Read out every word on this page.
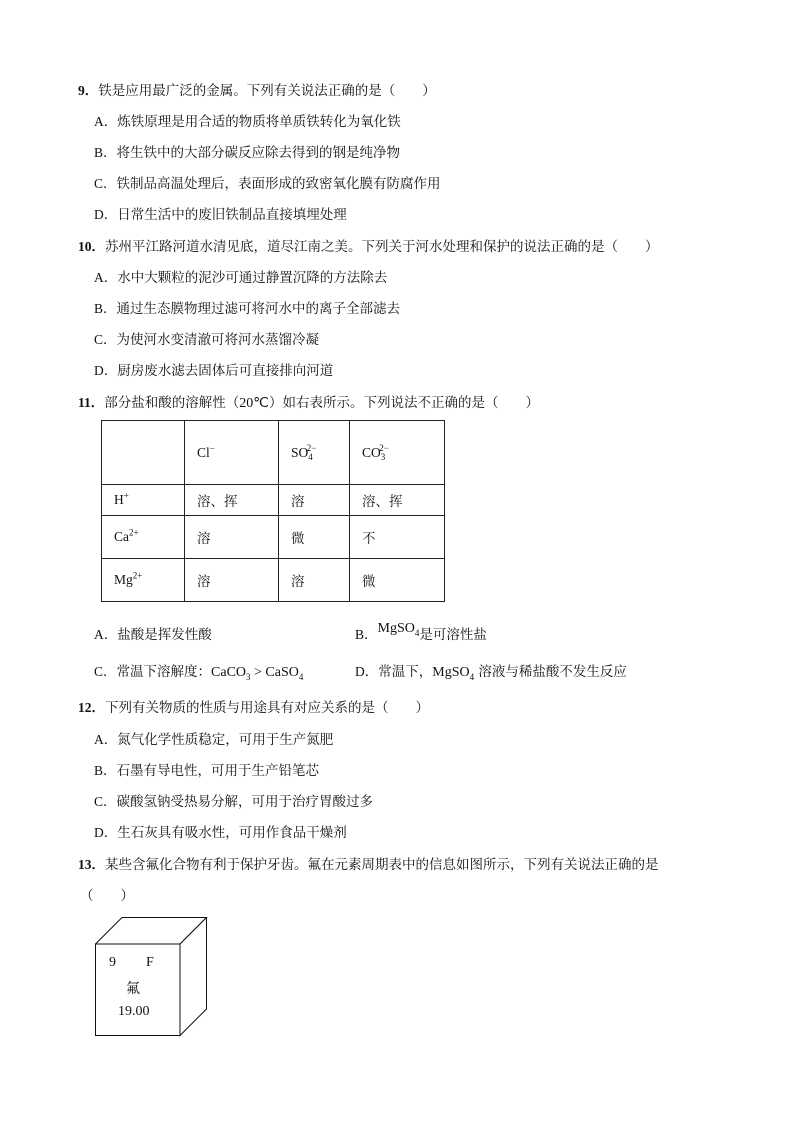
9．铁是应用最广泛的金属。下列有关说法正确的是（　　）
A．炼铁原理是用合适的物质将单质铁转化为氧化铁
B．将生铁中的大部分碳反应除去得到的钢是纯净物
C．铁制品高温处理后，表面形成的致密氧化膜有防腐作用
D．日常生活中的废旧铁制品直接填埋处理
10．苏州平江路河道水清见底，道尽江南之美。下列关于河水处理和保护的说法正确的是（　　）
A．水中大颗粒的泥沙可通过静置沉降的方法除去
B．通过生态膜物理过滤可将河水中的离子全部滤去
C．为使河水变清澈可将河水蒸馏冷凝
D．厨房废水滤去固体后可直接排向河道
11．部分盐和酸的溶解性（20℃）如右表所示。下列说法不正确的是（　　）
	Cl−	$SO_4^{2-}$	$CO_3^{2-}$
H+	溶、挥	溶	溶、挥
$Ca^{2+}$	溶	微	不
$Mg^{2+}$	溶	溶	微
A．盐酸是挥发性酸	B．MgSO$_4$是可溶性盐
C．常温下溶解度：CaCO$_3$ > CaSO$_4$	D．常温下，MgSO$_4$ 溶液与稀盐酸不发生反应
12．下列有关物质的性质与用途具有对应关系的是（　　）
A．氮气化学性质稳定，可用于生产氮肥
B．石墨有导电性，可用于生产铅笔芯
C．碳酸氢钠受热易分解，可用于治疗胃酸过多
D．生石灰具有吸水性，可用作食品干燥剂
13．某些含氟化合物有利于保护牙齿。氟在元素周期表中的信息如图所示，下列有关说法正确的是
（　　）
9 F
氟
19.00
